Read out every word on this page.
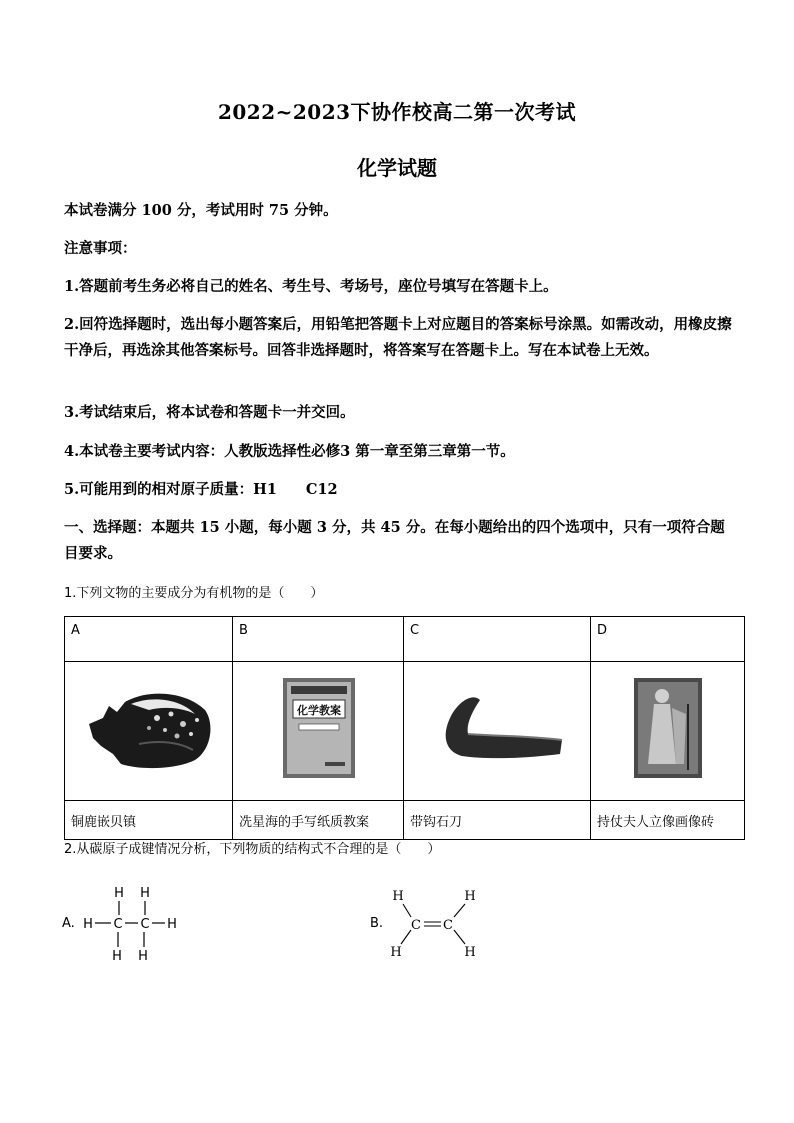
2022~2023下协作校高二第一次考试
化学试题
本试卷满分 100 分，考试用时 75 分钟。
注意事项：
1.答题前考生务必将自己的姓名、考生号、考场号，座位号填写在答题卡上。
2.回符选择题时，选出每小题答案后，用铅笔把答题卡上对应题目的答案标号涂黑。如需改动，用橡皮擦干净后，再选涂其他答案标号。回答非选择题时，将答案写在答题卡上。写在本试卷上无效。
3.考试结束后，将本试卷和答题卡一并交回。
4.本试卷主要考试内容：人教版选择性必修3 第一章至第三章第一节。
5.可能用到的相对原子质量：H1　　C12
一、选择题：本题共 15 小题，每小题 3 分，共 45 分。在每小题给出的四个选项中，只有一项符合题目要求。
1.下列文物的主要成分为有机物的是（　　）
A	B	C	D

化学教案

铜鹿嵌贝镇	冼星海的手写纸质教案	带钩石刀	持仗夫人立像画像砖
2.从碳原子成键情况分析，下列物质的结构式不合理的是（　　）
A.
H H
H C C H
H H
B.
H	H
C C
H	H
